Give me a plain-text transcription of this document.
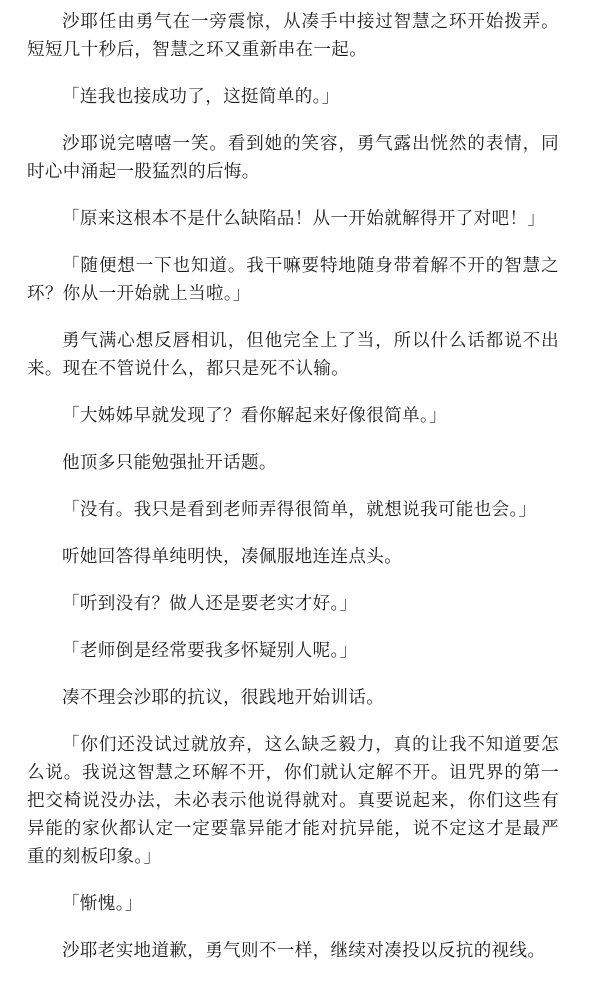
沙耶任由勇气在一旁震惊，从凑手中接过智慧之环开始拨弄。短短几十秒后，智慧之环又重新串在一起。

「连我也接成功了，这挺简单的。」

沙耶说完嘻嘻一笑。看到她的笑容，勇气露出恍然的表情，同时心中涌起一股猛烈的后悔。

「原来这根本不是什么缺陷品！从一开始就解得开了对吧！」

「随便想一下也知道。我干嘛要特地随身带着解不开的智慧之环？你从一开始就上当啦。」

勇气满心想反唇相讥，但他完全上了当，所以什么话都说不出来。现在不管说什么，都只是死不认输。

「大姊姊早就发现了？看你解起来好像很简单。」

他顶多只能勉强扯开话题。

「没有。我只是看到老师弄得很简单，就想说我可能也会。」

听她回答得单纯明快，凑佩服地连连点头。

「听到没有？做人还是要老实才好。」

「老师倒是经常要我多怀疑别人呢。」

凑不理会沙耶的抗议，很践地开始训话。

「你们还没试过就放弃，这么缺乏毅力，真的让我不知道要怎么说。我说这智慧之环解不开，你们就认定解不开。诅咒界的第一把交椅说没办法，未必表示他说得就对。真要说起来，你们这些有异能的家伙都认定一定要靠异能才能对抗异能，说不定这才是最严重的刻板印象。」

「惭愧。」

沙耶老实地道歉，勇气则不一样，继续对凑投以反抗的视线。
